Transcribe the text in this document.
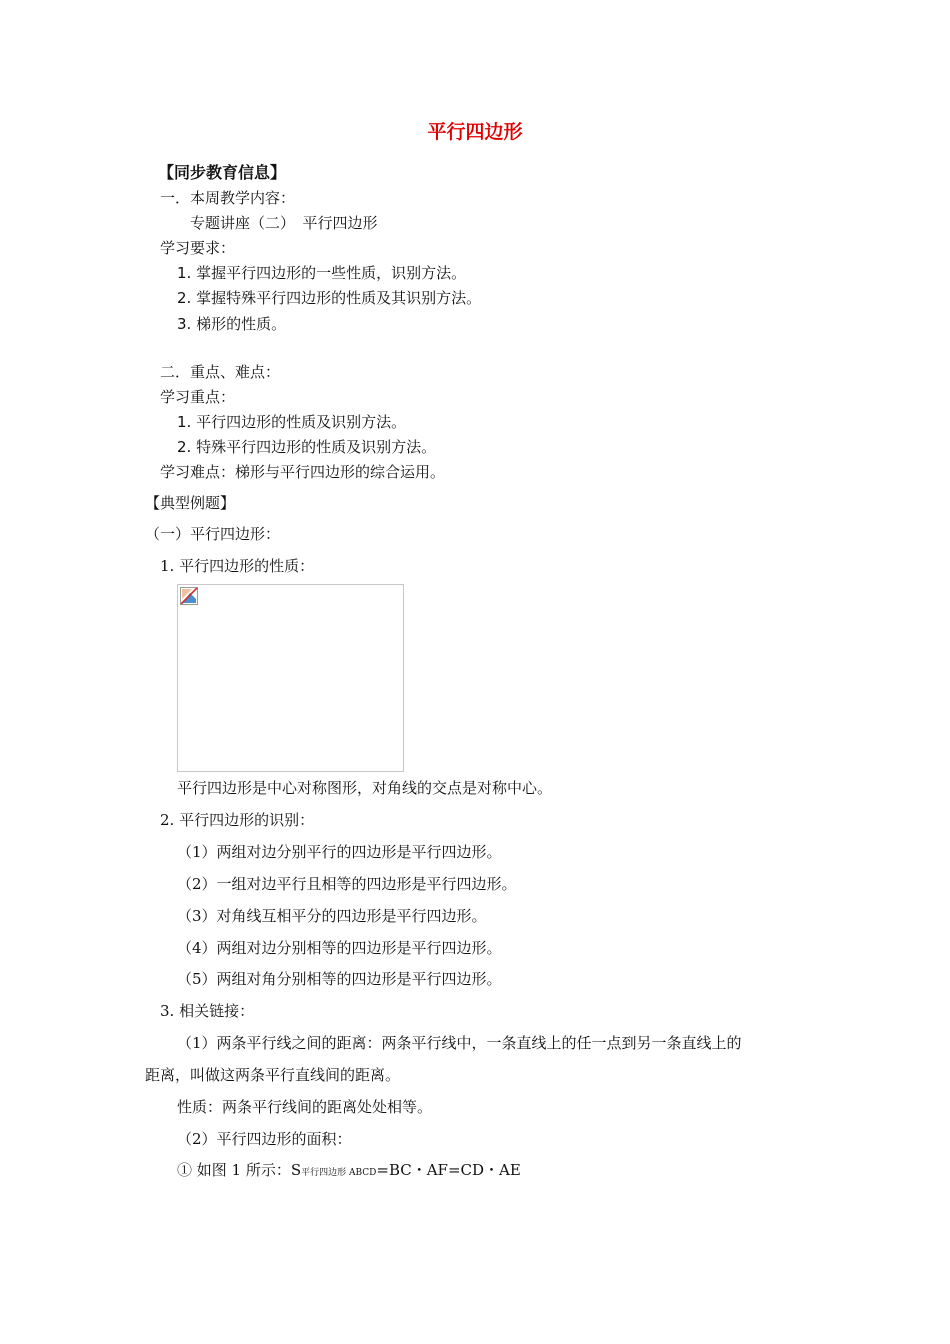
平行四边形
【同步教育信息】
一．本周教学内容：
专题讲座（二）　平行四边形
学习要求：
1. 掌握平行四边形的一些性质，识别方法。
2. 掌握特殊平行四边形的性质及其识别方法。
3. 梯形的性质。
二．重点、难点：
学习重点：
1. 平行四边形的性质及识别方法。
2. 特殊平行四边形的性质及识别方法。
学习难点：梯形与平行四边形的综合运用。
【典型例题】
（一）平行四边形：
1. 平行四边形的性质：
平行四边形是中心对称图形，对角线的交点是对称中心。
2. 平行四边形的识别：
（1）两组对边分别平行的四边形是平行四边形。
（2）一组对边平行且相等的四边形是平行四边形。
（3）对角线互相平分的四边形是平行四边形。
（4）两组对边分别相等的四边形是平行四边形。
（5）两组对角分别相等的四边形是平行四边形。
3. 相关链接：
（1）两条平行线之间的距离：两条平行线中，一条直线上的任一点到另一条直线上的
距离，叫做这两条平行直线间的距离。
性质：两条平行线间的距离处处相等。
（2）平行四边形的面积：
① 如图 1 所示：S平行四边形 ABCD=BC・AF=CD・AE
